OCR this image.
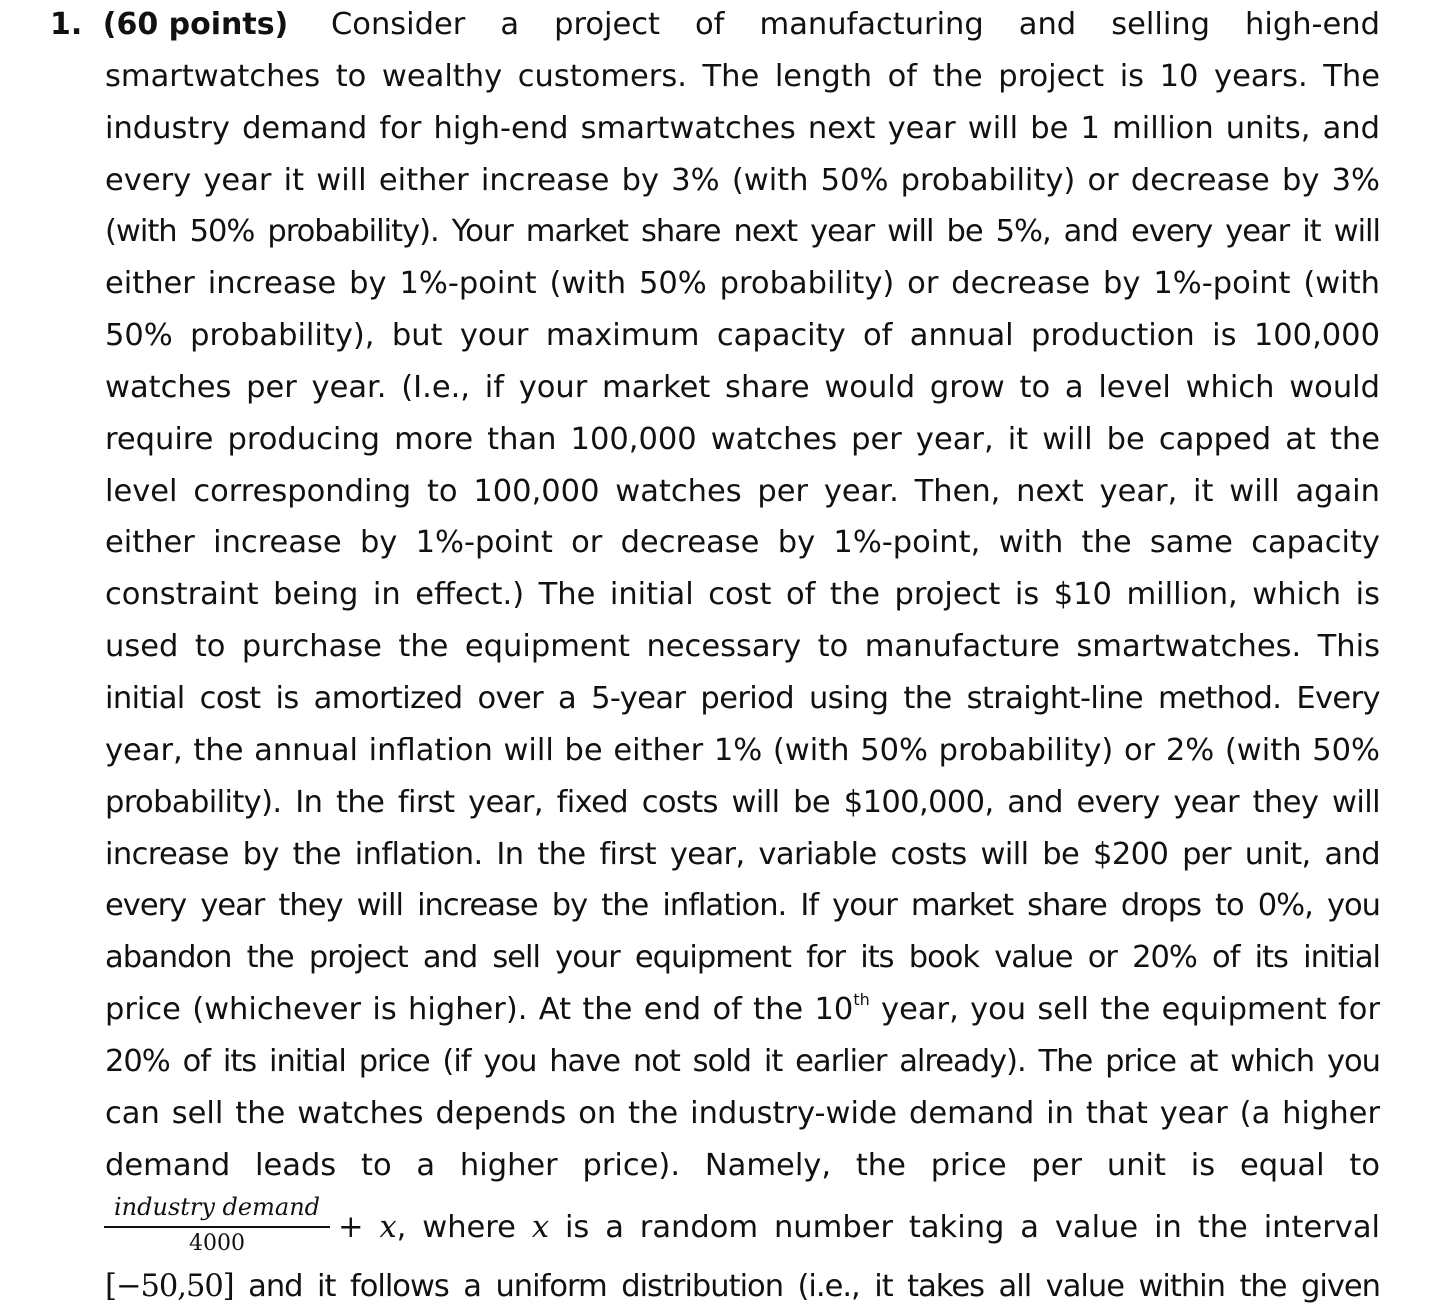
1. (60 points) Consider a project of manufacturing and selling high-end
smartwatches to wealthy customers. The length of the project is 10 years. The
industry demand for high-end smartwatches next year will be 1 million units, and
every year it will either increase by 3% (with 50% probability) or decrease by 3%
(with 50% probability). Your market share next year will be 5%, and every year it will
either increase by 1%-point (with 50% probability) or decrease by 1%-point (with
50% probability), but your maximum capacity of annual production is 100,000
watches per year. (I.e., if your market share would grow to a level which would
require producing more than 100,000 watches per year, it will be capped at the
level corresponding to 100,000 watches per year. Then, next year, it will again
either increase by 1%-point or decrease by 1%-point, with the same capacity
constraint being in effect.) The initial cost of the project is $10 million, which is
used to purchase the equipment necessary to manufacture smartwatches. This
initial cost is amortized over a 5-year period using the straight-line method. Every
year, the annual inflation will be either 1% (with 50% probability) or 2% (with 50%
probability). In the first year, fixed costs will be $100,000, and every year they will
increase by the inflation. In the first year, variable costs will be $200 per unit, and
every year they will increase by the inflation. If your market share drops to 0%, you
abandon the project and sell your equipment for its book value or 20% of its initial
price (whichever is higher). At the end of the 10th year, you sell the equipment for
20% of its initial price (if you have not sold it earlier already). The price at which you
can sell the watches depends on the industry-wide demand in that year (a higher
demand leads to a higher price). Namely, the price per unit is equal to
industry demand
4000	+ x, where x is a random number taking a value in the interval
[−50,50] and it follows a uniform distribution (i.e., it takes all value within the given
